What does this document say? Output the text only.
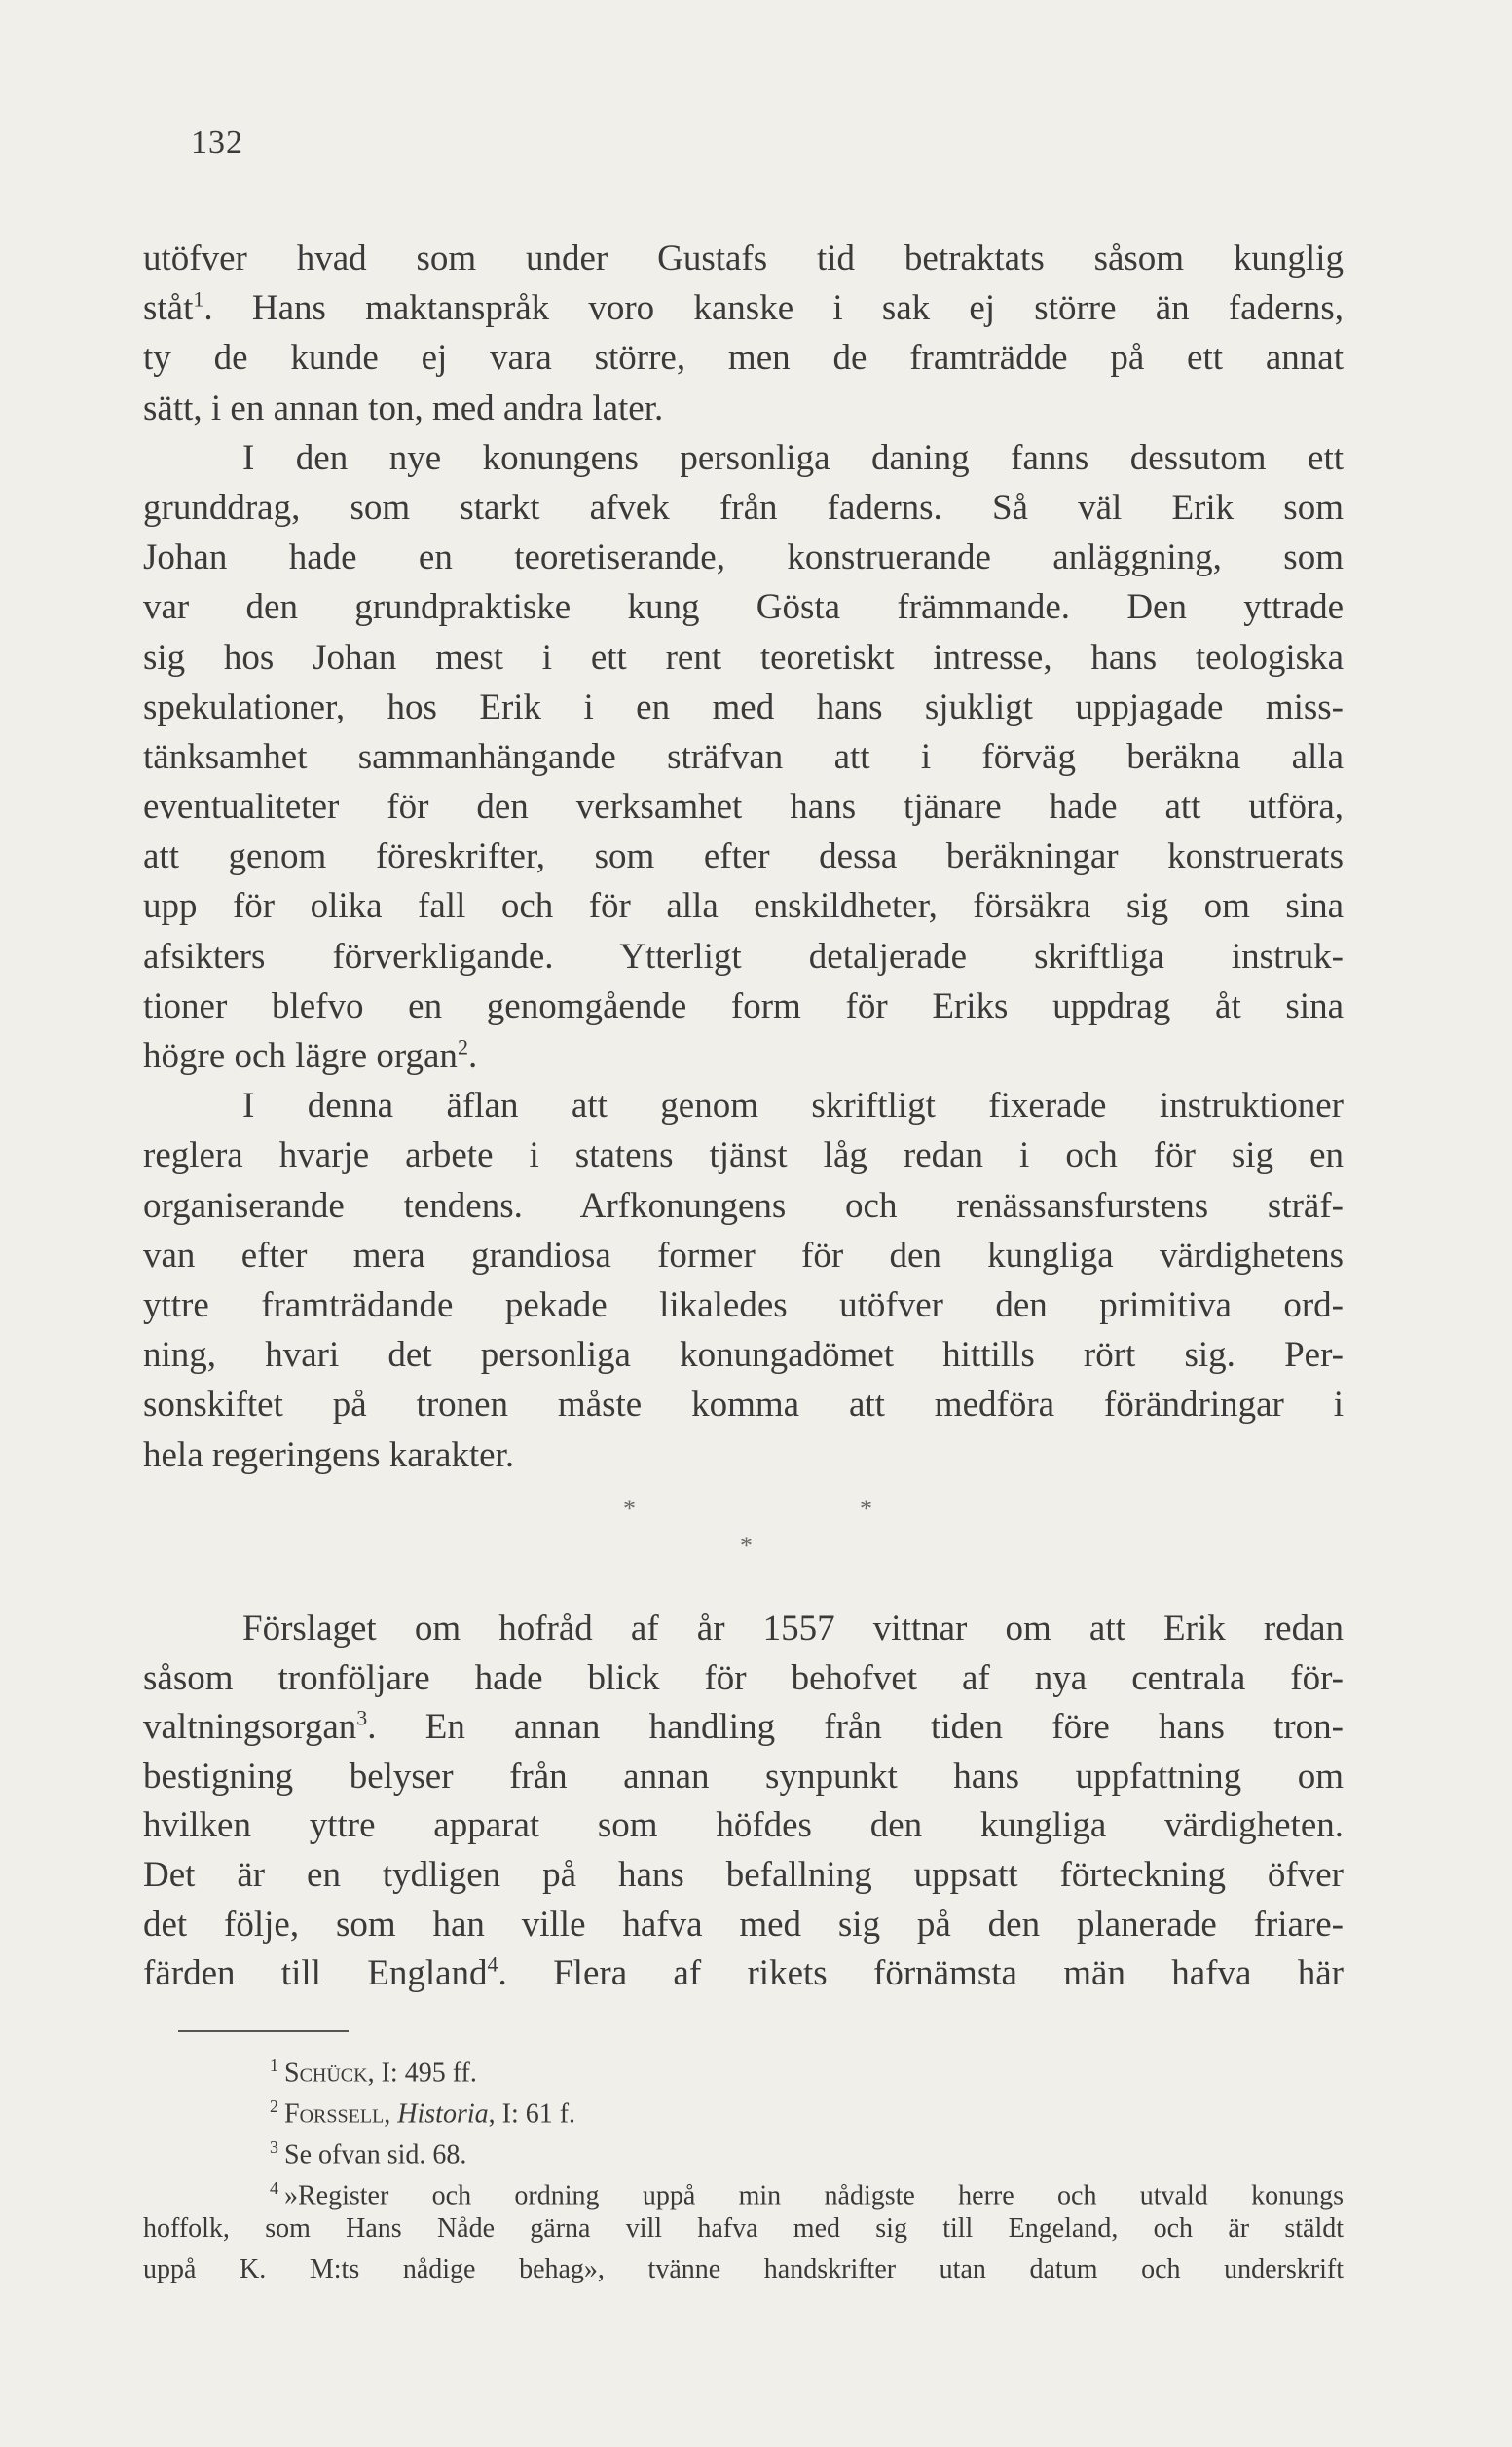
132
utöfver hvad som under Gustafs tid betraktats såsom kunglig
ståt$^1$. Hans maktanspråk voro kanske i sak ej större än faderns,
ty de kunde ej vara större, men de framträdde på ett annat
sätt, i en annan ton, med andra later.
I den nye konungens personliga daning fanns dessutom ett
grunddrag, som starkt afvek från faderns. Så väl Erik som
Johan hade en teoretiserande, konstruerande anläggning, som
var den grundpraktiske kung Gösta främmande. Den yttrade
sig hos Johan mest i ett rent teoretiskt intresse, hans teologiska
spekulationer, hos Erik i en med hans sjukligt uppjagade miss-
tänksamhet sammanhängande sträfvan att i förväg beräkna alla
eventualiteter för den verksamhet hans tjänare hade att utföra,
att genom föreskrifter, som efter dessa beräkningar konstruerats
upp för olika fall och för alla enskildheter, försäkra sig om sina
afsikters förverkligande. Ytterligt detaljerade skriftliga instruk-
tioner blefvo en genomgående form för Eriks uppdrag åt sina
högre och lägre organ$^2$.
I denna äflan att genom skriftligt fixerade instruktioner
reglera hvarje arbete i statens tjänst låg redan i och för sig en
organiserande tendens. Arfkonungens och renässansfurstens sträf-
van efter mera grandiosa former för den kungliga värdighetens
yttre framträdande pekade likaledes utöfver den primitiva ord-
ning, hvari det personliga konungadömet hittills rört sig. Per-
sonskiftet på tronen måste komma att medföra förändringar i
hela regeringens karakter.
*	*
*
Förslaget om hofråd af år 1557 vittnar om att Erik redan
såsom tronföljare hade blick för behofvet af nya centrala för-
valtningsorgan$^3$. En annan handling från tiden före hans tron-
bestigning belyser från annan synpunkt hans uppfattning om
hvilken yttre apparat som höfdes den kungliga värdigheten.
Det är en tydligen på hans befallning uppsatt förteckning öfver
det följe, som han ville hafva med sig på den planerade friare-
färden till England$^4$. Flera af rikets förnämsta män hafva här
$^1$ Schück, I: 495 ff.
$^2$ Forssell, Historia, I: 61 f.
$^3$ Se ofvan sid. 68.
$^4$ »Register och ordning uppå min nådigste herre och utvald konungs
hoffolk, som Hans Nåde gärna vill hafva med sig till Engeland, och är stäldt
uppå K. M:ts nådige behag», tvänne handskrifter utan datum och underskrift
